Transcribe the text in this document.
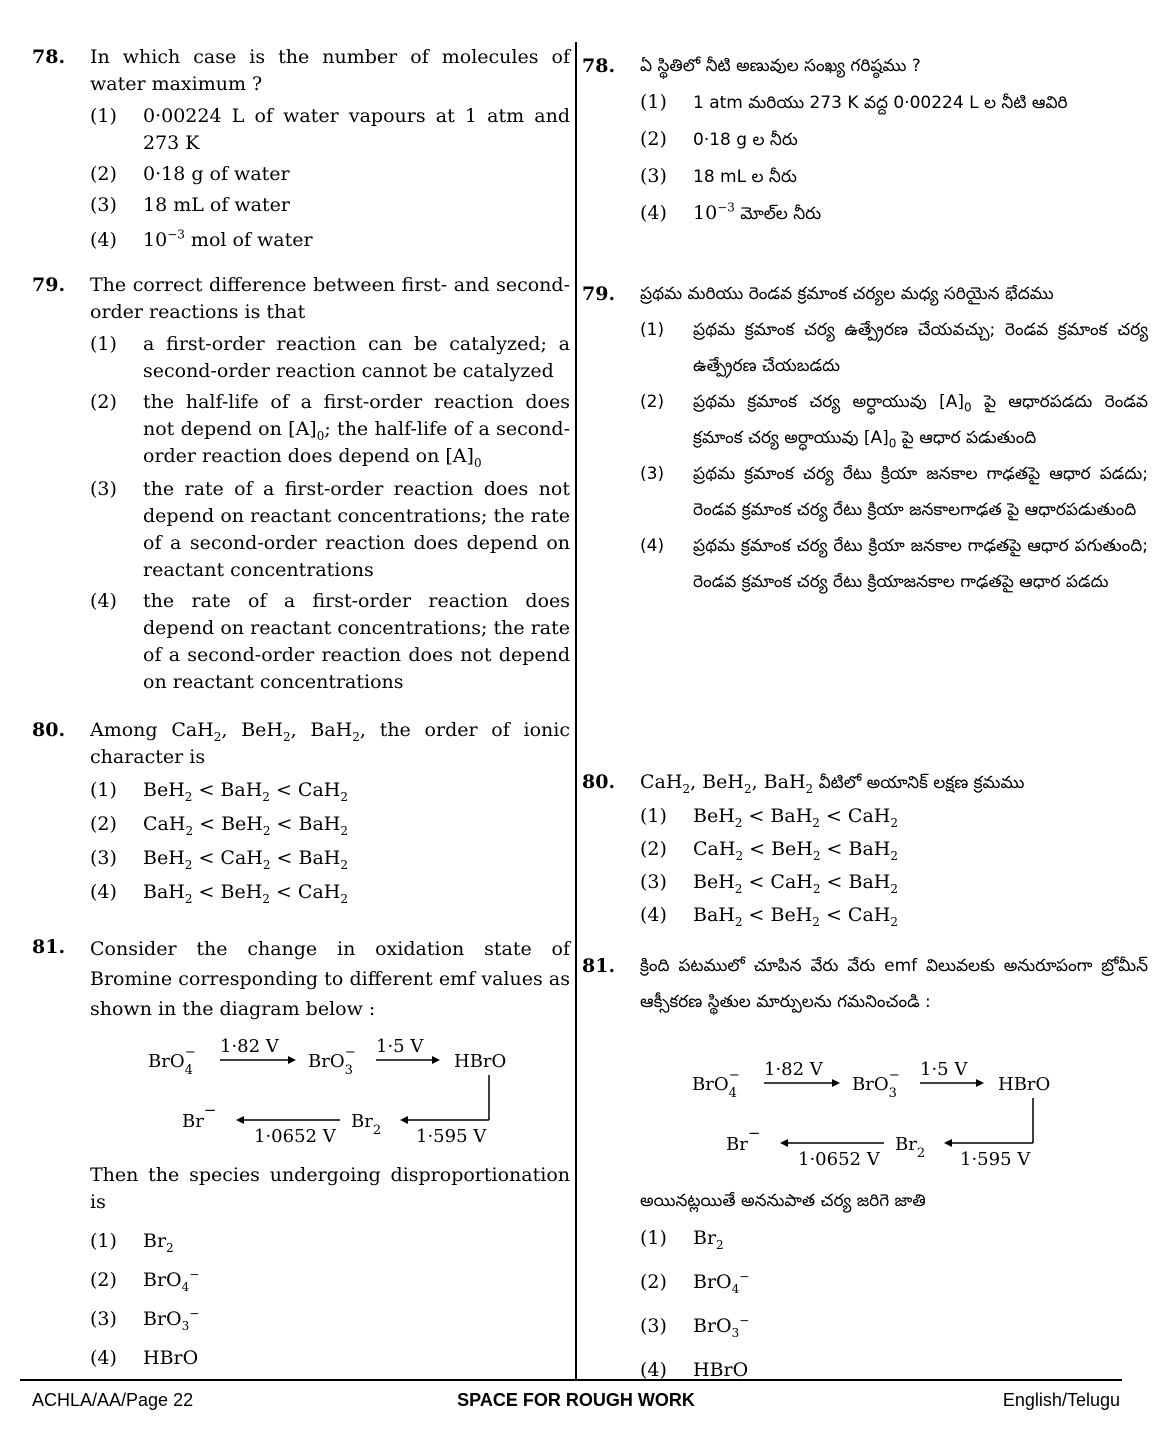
78. In which case is the number of molecules of water maximum ?
(1) 0·00224 L of water vapours at 1 atm and 273 K
(2) 0·18 g of water
(3) 18 mL of water
(4) $10^{-3}$ mol of water
79. The correct difference between first- and second-order reactions is that
(1) a first-order reaction can be catalyzed; a second-order reaction cannot be catalyzed
(2) the half-life of a first-order reaction does not depend on $[A]_0$; the half-life of a second-order reaction does depend on $[A]_0$
(3) the rate of a first-order reaction does not depend on reactant concentrations; the rate of a second-order reaction does depend on reactant concentrations
(4) the rate of a first-order reaction does depend on reactant concentrations; the rate of a second-order reaction does not depend on reactant concentrations
80. Among CaH$_2$, BeH$_2$, BaH$_2$, the order of ionic character is
(1) BeH$_2$ < BaH$_2$ < CaH$_2$
(2) CaH$_2$ < BeH$_2$ < BaH$_2$
(3) BeH$_2$ < CaH$_2$ < BaH$_2$
(4) BaH$_2$ < BeH$_2$ < CaH$_2$
81. Consider the change in oxidation state of Bromine corresponding to different emf values as shown in the diagram below :
BrO$_4$− 1·82 V
BrO$_3$− 1·5 V
HBrO
1·595 V
$Br_2$
1·0652 V
Br−
Then the species undergoing disproportionation is
(1) $Br_2$
(2) BrO$_4$−
(3) BrO$_3$−
(4) HBrO
78. ఏ స్థితిలో నీటి అణువుల సంఖ్య గరిష్ఠము ?
(1) 1 atm మరియు 273 K వద్ద 0·00224 L ల నీటి ఆవిరి
(2) 0·18 g ల నీరు
(3) 18 mL ల నీరు
(4) $10^{-3}$ మోల్‌ల నీరు
79. ప్రథమ మరియు రెండవ క్రమాంక చర్యల మధ్య సరియైన భేదము
(1) ప్రథమ క్రమాంక చర్య ఉత్ప్రేరణ చేయవచ్చు; రెండవ క్రమాంక చర్య ఉత్ప్రేరణ చేయబడదు
(2) ప్రథమ క్రమాంక చర్య అర్ధాయువు $[A]_0$ పై ఆధారపడదు రెండవ క్రమాంక చర్య అర్ధాయువు $[A]_0$ పై ఆధార పడుతుంది
(3) ప్రథమ క్రమాంక చర్య రేటు క్రియా జనకాల గాఢతపై ఆధార పడదు; రెండవ క్రమాంక చర్య రేటు క్రియా జనకాలగాఢత పై ఆధారపడుతుంది
(4) ప్రథమ క్రమాంక చర్య రేటు క్రియా జనకాల గాఢతపై ఆధార పగుతుంది; రెండవ క్రమాంక చర్య రేటు క్రియాజనకాల గాఢతపై ఆధార పడదు
80. CaH$_2$, BeH$_2$, BaH$_2$ వీటిలో అయానిక్ లక్షణ క్రమము
(1) BeH$_2$ < BaH$_2$ < CaH$_2$
(2) CaH$_2$ < BeH$_2$ < BaH$_2$
(3) BeH$_2$ < CaH$_2$ < BaH$_2$
(4) BaH$_2$ < BeH$_2$ < CaH$_2$
81. క్రింది పటములో చూపిన వేరు వేరు emf విలువలకు అనురూపంగా బ్రోమీన్ ఆక్సీకరణ స్థితుల మార్పులను గమనించండి :
BrO$_4$− 1·82 V
BrO$_3$− 1·5 V
HBrO
1·595 V
$Br_2$
1·0652 V
Br−
అయినట్లయితే అననుపాత చర్య జరిగె జాతి
(1) $Br_2$
(2) BrO$_4$−
(3) BrO$_3$−
(4) HBrO
ACHLA/AA/Page 22	SPACE FOR ROUGH WORK	English/Telugu
